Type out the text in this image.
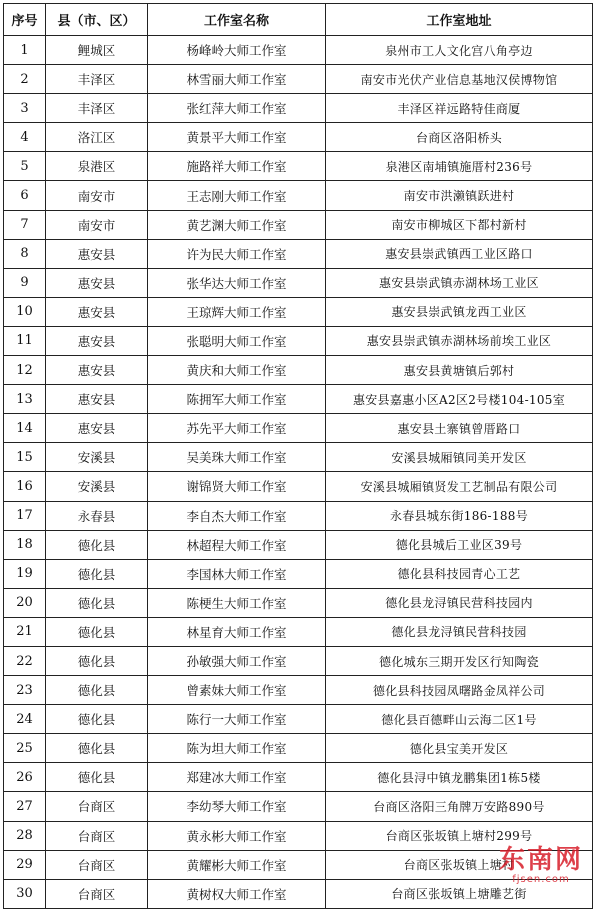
序号	县（市、区）	工作室名称	工作室地址
1	鲤城区	杨峰岭大师工作室	泉州市工人文化宫八角亭边
2	丰泽区	林雪丽大师工作室	南安市光伏产业信息基地汉侯博物馆
3	丰泽区	张红萍大师工作室	丰泽区祥远路特佳商厦
4	洛江区	黄景平大师工作室	台商区洛阳桥头
5	泉港区	施路祥大师工作室	泉港区南埔镇施厝村236号
6	南安市	王志刚大师工作室	南安市洪濑镇跃进村
7	南安市	黄艺渊大师工作室	南安市柳城区下都村新村
8	惠安县	许为民大师工作室	惠安县崇武镇西工业区路口
9	惠安县	张华达大师工作室	惠安县崇武镇赤湖林场工业区
10	惠安县	王琼辉大师工作室	惠安县崇武镇龙西工业区
11	惠安县	张聪明大师工作室	惠安县崇武镇赤湖林场前埃工业区
12	惠安县	黄庆和大师工作室	惠安县黄塘镇后郭村
13	惠安县	陈拥军大师工作室	惠安县嘉惠小区A2区2号楼104-105室
14	惠安县	苏先平大师工作室	惠安县土寨镇曾厝路口
15	安溪县	吴美珠大师工作室	安溪县城厢镇同美开发区
16	安溪县	谢锦贤大师工作室	安溪县城厢镇贤发工艺制品有限公司
17	永春县	李自杰大师工作室	永春县城东街186-188号
18	德化县	林超程大师工作室	德化县城后工业区39号
19	德化县	李国林大师工作室	德化县科技园青心工艺
20	德化县	陈梗生大师工作室	德化县龙浔镇民营科技园内
21	德化县	林星育大师工作室	德化县龙浔镇民营科技园
22	德化县	孙敏强大师工作室	德化城东三期开发区行知陶瓷
23	德化县	曾素妹大师工作室	德化县科技园凤曙路金凤祥公司
24	德化县	陈行一大师工作室	德化县百德畔山云海二区1号
25	德化县	陈为坦大师工作室	德化县宝美开发区
26	德化县	郑建冰大师工作室	德化县浔中镇龙鹏集团1栋5楼
27	台商区	李幼琴大师工作室	台商区洛阳三角牌万安路890号
28	台商区	黄永彬大师工作室	台商区张坂镇上塘村299号
29	台商区	黄耀彬大师工作室	台商区张坂镇上塘村
30	台商区	黄树权大师工作室	台商区张坂镇上塘雕艺街
东南网
fjsen.com
